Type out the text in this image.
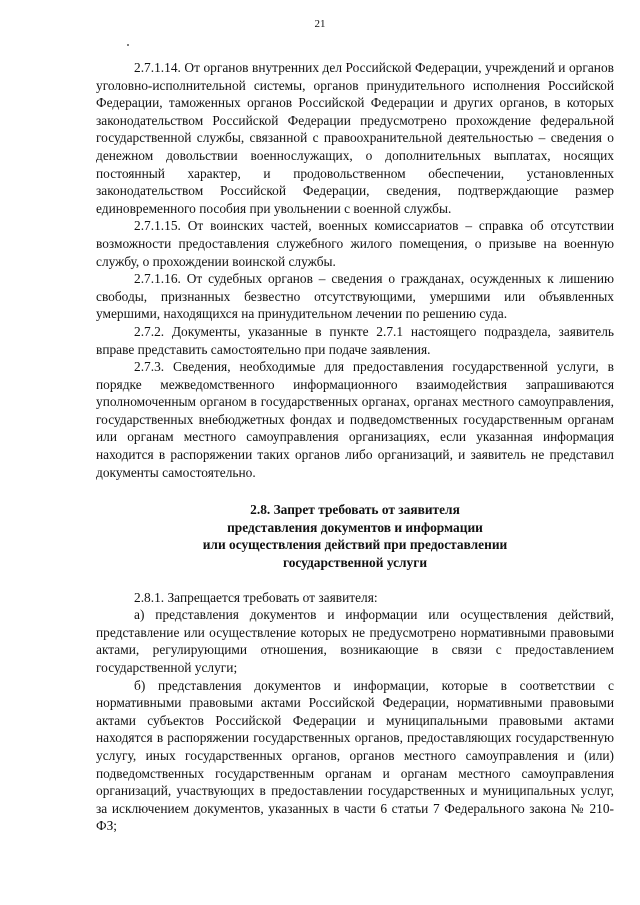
21

2.7.1.14. От органов внутренних дел Российской Федерации, учреждений и органов уголовно-исполнительной системы, органов принудительного исполнения Российской Федерации, таможенных органов Российской Федерации и других органов, в которых законодательством Российской Федерации предусмотрено прохождение федеральной государственной службы, связанной с правоохранительной деятельностью – сведения о денежном довольствии военнослужащих, о дополнительных выплатах, носящих постоянный характер, и продовольственном обеспечении, установленных законодательством Российской Федерации, сведения, подтверждающие размер единовременного пособия при увольнении с военной службы.

2.7.1.15. От воинских частей, военных комиссариатов – справка об отсутствии возможности предоставления служебного жилого помещения, о призыве на военную службу, о прохождении воинской службы.

2.7.1.16. От судебных органов – сведения о гражданах, осужденных к лишению свободы, признанных безвестно отсутствующими, умершими или объявленных умершими, находящихся на принудительном лечении по решению суда.

2.7.2. Документы, указанные в пункте 2.7.1 настоящего подраздела, заявитель вправе представить самостоятельно при подаче заявления.

2.7.3. Сведения, необходимые для предоставления государственной услуги, в порядке межведомственного информационного взаимодействия запрашиваются уполномоченным органом в государственных органах, органах местного самоуправления, государственных внебюджетных фондах и подведомственных государственным органам или органам местного самоуправления организациях, если указанная информация находится в распоряжении таких органов либо организаций, и заявитель не представил документы самостоятельно.

2.8. Запрет требовать от заявителя
представления документов и информации
или осуществления действий при предоставлении
государственной услуги

2.8.1. Запрещается требовать от заявителя:

а) представления документов и информации или осуществления действий, представление или осуществление которых не предусмотрено нормативными правовыми актами, регулирующими отношения, возникающие в связи с предоставлением государственной услуги;

б) представления документов и информации, которые в соответствии с нормативными правовыми актами Российской Федерации, нормативными правовыми актами субъектов Российской Федерации и муниципальными правовыми актами находятся в распоряжении государственных органов, предоставляющих государственную услугу, иных государственных органов, органов местного самоуправления и (или) подведомственных государственным органам и органам местного самоуправления организаций, участвующих в предоставлении государственных и муниципальных услуг, за исключением документов, указанных в части 6 статьи 7 Федерального закона № 210-ФЗ;
